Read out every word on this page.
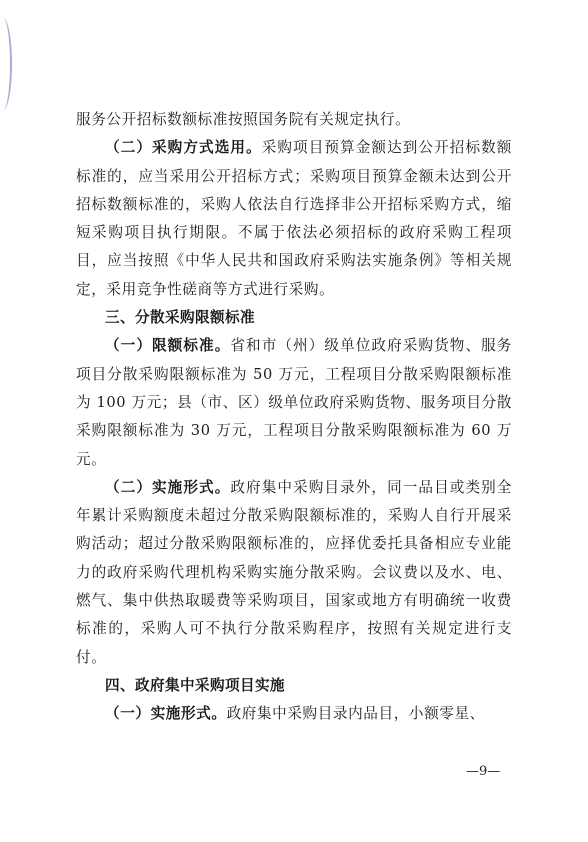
服务公开招标数额标准按照国务院有关规定执行。

（二）采购方式选用。采购项目预算金额达到公开招标数额标准的，应当采用公开招标方式；采购项目预算金额未达到公开招标数额标准的，采购人依法自行选择非公开招标采购方式，缩短采购项目执行期限。不属于依法必须招标的政府采购工程项目，应当按照《中华人民共和国政府采购法实施条例》等相关规定，采用竞争性磋商等方式进行采购。

三、分散采购限额标准

（一）限额标准。省和市（州）级单位政府采购货物、服务项目分散采购限额标准为 50 万元，工程项目分散采购限额标准为 100 万元；县（市、区）级单位政府采购货物、服务项目分散采购限额标准为 30 万元，工程项目分散采购限额标准为 60 万元。

（二）实施形式。政府集中采购目录外，同一品目或类别全年累计采购额度未超过分散采购限额标准的，采购人自行开展采购活动；超过分散采购限额标准的，应择优委托具备相应专业能力的政府采购代理机构采购实施分散采购。会议费以及水、电、燃气、集中供热取暖费等采购项目，国家或地方有明确统一收费标准的，采购人可不执行分散采购程序，按照有关规定进行支付。

四、政府集中采购项目实施

（一）实施形式。政府集中采购目录内品目，小额零星、

—9—
